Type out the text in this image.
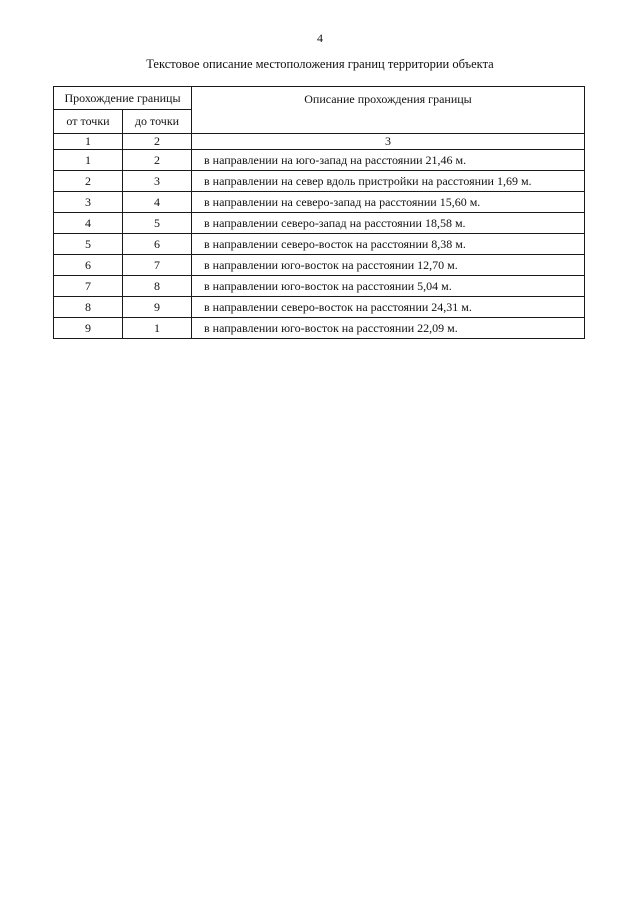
4
Текстовое описание местоположения границ территории объекта
Прохождение границы		Описание прохождения границы
от точки	до точки	
1	2	3
1	2	в направлении на юго-запад на расстоянии 21,46 м.
2	3	в направлении на север вдоль пристройки на расстоянии 1,69 м.
3	4	в направлении на северо-запад на расстоянии 15,60 м.
4	5	в направлении северо-запад на расстоянии 18,58 м.
5	6	в направлении северо-восток на расстоянии 8,38 м.
6	7	в направлении юго-восток на расстоянии 12,70 м.
7	8	в направлении юго-восток на расстоянии 5,04 м.
8	9	в направлении северо-восток на расстоянии 24,31 м.
9	1	в направлении юго-восток на расстоянии 22,09 м.
